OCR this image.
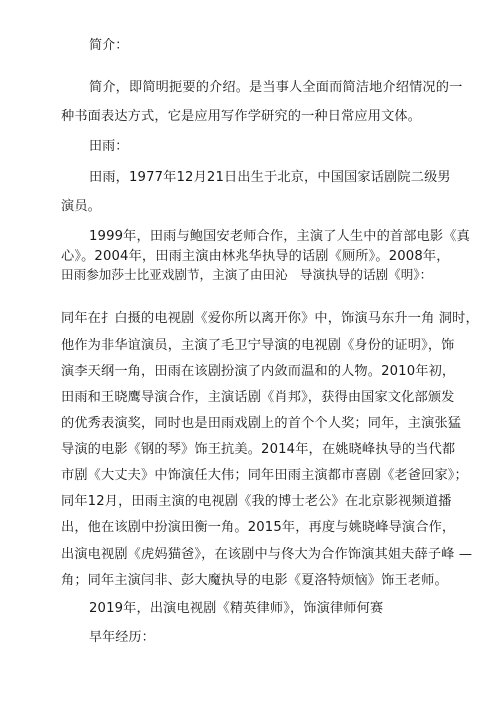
简介：
简介，即简明扼要的介绍。是当事人全面而简洁地介绍情况的一
种书面表达方式，它是应用写作学研究的一种日常应用文体。
田雨：
田雨，1977年12月21日出生于北京，中国国家话剧院二级男
演员。
1999年，田雨与鲍国安老师合作，主演了人生中的首部电影《真
心》。2004年，田雨主演由林兆华执导的话剧《厕所》。2008年，
田雨参加莎士比亚戏剧节，主演了由田沁 导演执导的话剧《明》：
同年在扌白摄的电视剧《爱你所以离开你》中，饰演马东升一角 洞时，
他作为非华谊演员，主演了毛卫宁导演的电视剧《身份的证明》，饰
演李天纲一角，田雨在该剧扮演了内敛而温和的人物。2010年初，
田雨和王晓鹰导演合作，主演话剧《肖邦》，获得由国家文化部颁发
的优秀表演奖，同时也是田雨戏剧上的首个个人奖；同年，主演张猛
导演的电影《钢的琴》饰王抗美。2014年，在姚晓峰执导的当代都
市剧《大丈夫》中饰演任大伟；同年田雨主演都市喜剧《老爸回家》；
同年12月，田雨主演的电视剧《我的博士老公》在北京影视频道播
出，他在该剧中扮演田衡一角。2015年，再度与姚晓峰导演合作，
出演电视剧《虎妈猫爸》，在该剧中与佟大为合作饰演其姐夫薛子峰 —
角；同年主演闫非、彭大魔执导的电影《夏洛特烦恼》饰王老师。
2019年，出演电视剧《精英律师》，饰演律师何赛
早年经历：
